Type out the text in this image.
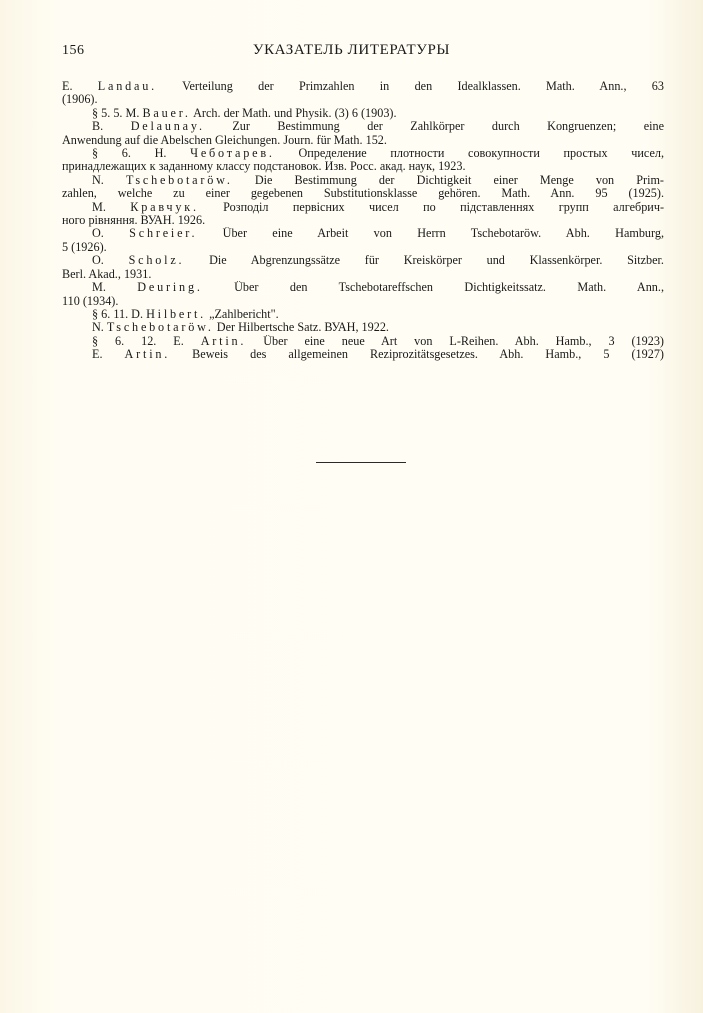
156	УКАЗАТЕЛЬ ЛИТЕРАТУРЫ
E. Landau. Verteilung der Primzahlen in den Idealklassen. Math. Ann., 63
(1906).
§ 5. 5. M. Bauer. Arch. der Math. und Physik. (3) 6 (1903).
B. Delaunay. Zur Bestimmung der Zahlkörper durch Kongruenzen; eine
Anwendung auf die Abelschen Gleichungen. Journ. für Math. 152.
§ 6. Н. Чеботарев. Определение плотности совокупности простых чисел,
принадлежащих к заданному классу подстановок. Изв. Росс. акад. наук, 1923.
N. Tschebotaröw. Die Bestimmung der Dichtigkeit einer Menge von Prim-
zahlen, welche zu einer gegebenen Substitutionsklasse gehören. Math. Ann. 95 (1925).
М. Кравчук. Розподіл первісних чисел по підставленнях групп алгебрич-
ного рівняння. ВУАН. 1926.
O. Schreier. Über eine Arbeit von Herrn Tschebotaröw. Abh. Hamburg,
5 (1926).
O. Scholz. Die Abgrenzungssätze für Kreiskörper und Klassenkörper. Sitzber.
Berl. Akad., 1931.
M. Deuring. Über den Tschebotareffschen Dichtigkeitssatz. Math. Ann.,
110 (1934).
§ 6. 11. D. Hilbert. „Zahlbericht".
N. Tschebotaröw. Der Hilbertsche Satz. ВУАН, 1922.
§ 6. 12. E. Artin. Über eine neue Art von L-Reihen. Abh. Hamb., 3 (1923)
E. Artin. Beweis des allgemeinen Reziprozitätsgesetzes. Abh. Hamb., 5 (1927)
